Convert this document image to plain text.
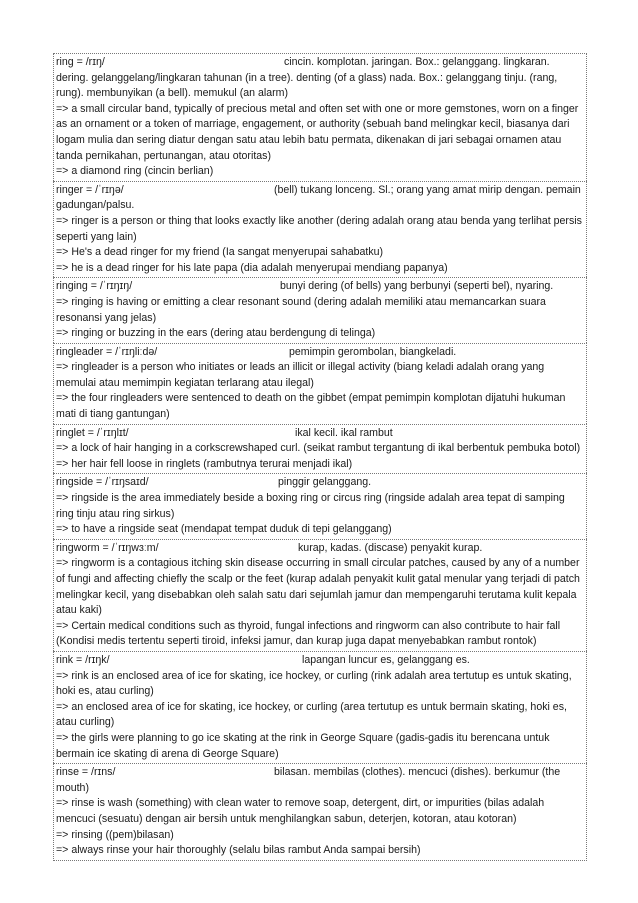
ring = /rɪŋ/	cincin. komplotan. jaringan. Box.: gelanggang. lingkaran. dering. gelanggelang/lingkaran tahunan (in a tree). denting (of a glass) nada. Box.: gelanggang tinju. (rang, rung). membunyikan (a bell). memukul (an alarm)
=> a small circular band, typically of precious metal and often set with one or more gemstones, worn on a finger as an ornament or a token of marriage, engagement, or authority (sebuah band melingkar kecil, biasanya dari logam mulia dan sering diatur dengan satu atau lebih batu permata, dikenakan di jari sebagai ornamen atau tanda pernikahan, pertunangan, atau otoritas)
=> a diamond ring (cincin berlian)
ringer = /ˈrɪŋə/	(bell) tukang lonceng. Sl.; orang yang amat mirip dengan. pemain gadungan/palsu.
=> ringer is a person or thing that looks exactly like another (dering adalah orang atau benda yang terlihat persis seperti yang lain)
=> He's a dead ringer for my friend (Ia sangat menyerupai sahabatku)
=> he is a dead ringer for his late papa (dia adalah menyerupai mendiang papanya)
ringing = /ˈrɪŋɪŋ/	bunyi dering (of bells) yang berbunyi (seperti bel), nyaring.
=> ringing is having or emitting a clear resonant sound (dering adalah memiliki atau memancarkan suara resonansi yang jelas)
=> ringing or buzzing in the ears (dering atau berdengung di telinga)
ringleader = /ˈrɪŋliːdə/	pemimpin gerombolan, biangkeladi.
=> ringleader is a person who initiates or leads an illicit or illegal activity (biang keladi adalah orang yang memulai atau memimpin kegiatan terlarang atau ilegal)
=> the four ringleaders were sentenced to death on the gibbet (empat pemimpin komplotan dijatuhi hukuman mati di tiang gantungan)
ringlet = /ˈrɪŋlɪt/	ikal kecil. ikal rambut
=> a lock of hair hanging in a corkscrewshaped curl. (seikat rambut tergantung di ikal berbentuk pembuka botol)
=> her hair fell loose in ringlets (rambutnya terurai menjadi ikal)
ringside = /ˈrɪŋsaɪd/	pinggir gelanggang.
=> ringside is the area immediately beside a boxing ring or circus ring (ringside adalah area tepat di samping ring tinju atau ring sirkus)
=> to have a ringside seat (mendapat tempat duduk di tepi gelanggang)
ringworm = /ˈrɪŋwɜːm/	kurap, kadas. (discase) penyakit kurap.
=> ringworm is a contagious itching skin disease occurring in small circular patches, caused by any of a number of fungi and affecting chiefly the scalp or the feet (kurap adalah penyakit kulit gatal menular yang terjadi di patch melingkar kecil, yang disebabkan oleh salah satu dari sejumlah jamur dan mempengaruhi terutama kulit kepala atau kaki)
=> Certain medical conditions such as thyroid, fungal infections and ringworm can also contribute to hair fall (Kondisi medis tertentu seperti tiroid, infeksi jamur, dan kurap juga dapat menyebabkan rambut rontok)
rink = /rɪŋk/	lapangan luncur es, gelanggang es.
=> rink is an enclosed area of ice for skating, ice hockey, or curling (rink adalah area tertutup es untuk skating, hoki es, atau curling)
=> an enclosed area of ice for skating, ice hockey, or curling (area tertutup es untuk bermain skating, hoki es, atau curling)
=> the girls were planning to go ice skating at the rink in George Square (gadis-gadis itu berencana untuk bermain ice skating di arena di George Square)
rinse = /rɪns/	bilasan. membilas (clothes). mencuci (dishes). berkumur (the mouth)
=> rinse is wash (something) with clean water to remove soap, detergent, dirt, or impurities (bilas adalah mencuci (sesuatu) dengan air bersih untuk menghilangkan sabun, deterjen, kotoran, atau kotoran)
=> rinsing ((pem)bilasan)
=> always rinse your hair thoroughly (selalu bilas rambut Anda sampai bersih)
